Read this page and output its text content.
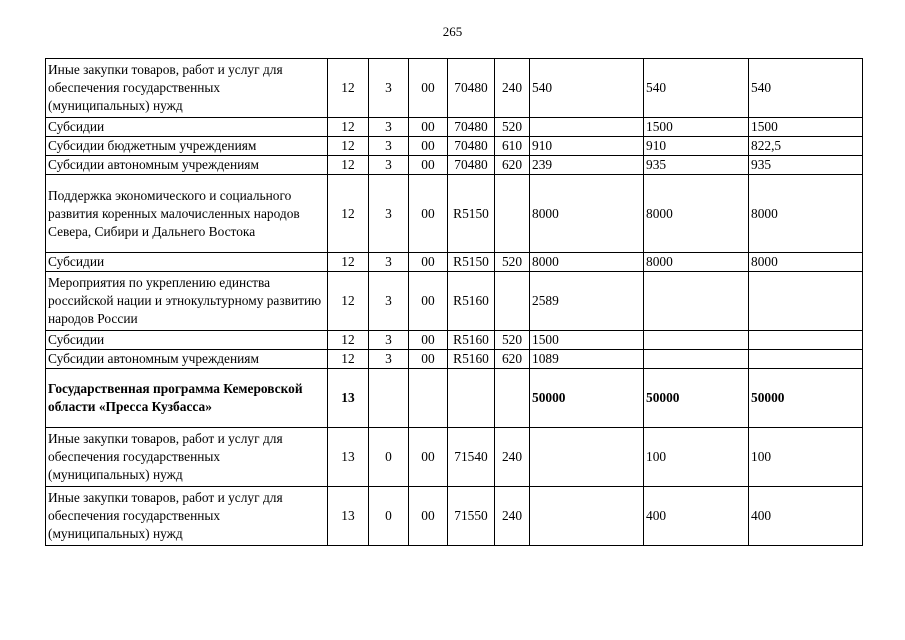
265
Иные закупки товаров, работ и услуг для обеспечения государственных (муниципальных) нужд	12	3	00	70480	240	540	540	540
Субсидии	12	3	00	70480	520		1500	1500
Субсидии бюджетным учреждениям	12	3	00	70480	610	910	910	822,5
Субсидии автономным учреждениям	12	3	00	70480	620	239	935	935
Поддержка экономического и социального развития коренных малочисленных народов Севера, Сибири и Дальнего Востока	12	3	00	R5150		8000	8000	8000
Субсидии	12	3	00	R5150	520	8000	8000	8000
Мероприятия по укреплению единства российской нации и этнокультурному развитию народов России	12	3	00	R5160		2589		
Субсидии	12	3	00	R5160	520	1500		
Субсидии автономным учреждениям	12	3	00	R5160	620	1089		
Государственная программа Кемеровской области «Пресса Кузбасса»	13					50000	50000	50000
Иные закупки товаров, работ и услуг для обеспечения государственных (муниципальных) нужд	13	0	00	71540	240		100	100
Иные закупки товаров, работ и услуг для обеспечения государственных (муниципальных) нужд	13	0	00	71550	240		400	400
